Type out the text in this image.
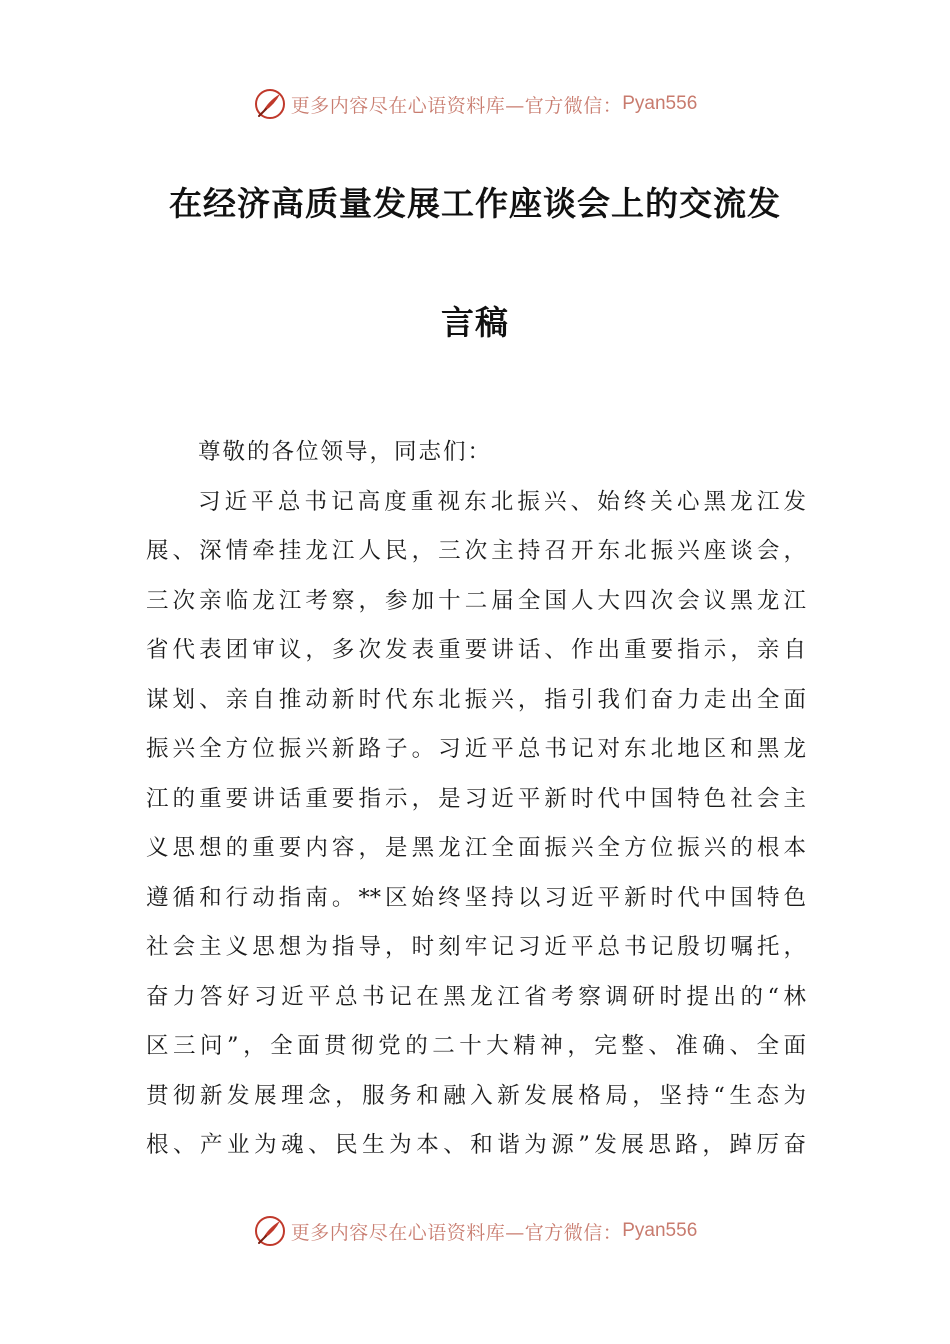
更多内容尽在心语资料库—官方微信： Pyan556
在经济高质量发展工作座谈会上的交流发
言稿
尊敬的各位领导，同志们：
习近平总书记高度重视东北振兴、始终关心黑龙江发
展、深情牵挂龙江人民，三次主持召开东北振兴座谈会，
三次亲临龙江考察，参加十二届全国人大四次会议黑龙江
省代表团审议，多次发表重要讲话、作出重要指示，亲自
谋划、亲自推动新时代东北振兴，指引我们奋力走出全面
振兴全方位振兴新路子。习近平总书记对东北地区和黑龙
江的重要讲话重要指示，是习近平新时代中国特色社会主
义思想的重要内容，是黑龙江全面振兴全方位振兴的根本
遵循和行动指南。**区始终坚持以习近平新时代中国特色
社会主义思想为指导，时刻牢记习近平总书记殷切嘱托，
奋力答好习近平总书记在黑龙江省考察调研时提出的“林
区三问”，全面贯彻党的二十大精神，完整、准确、全面
贯彻新发展理念，服务和融入新发展格局，坚持“生态为
根、产业为魂、民生为本、和谐为源”发展思路，踔厉奋
更多内容尽在心语资料库—官方微信： Pyan556
